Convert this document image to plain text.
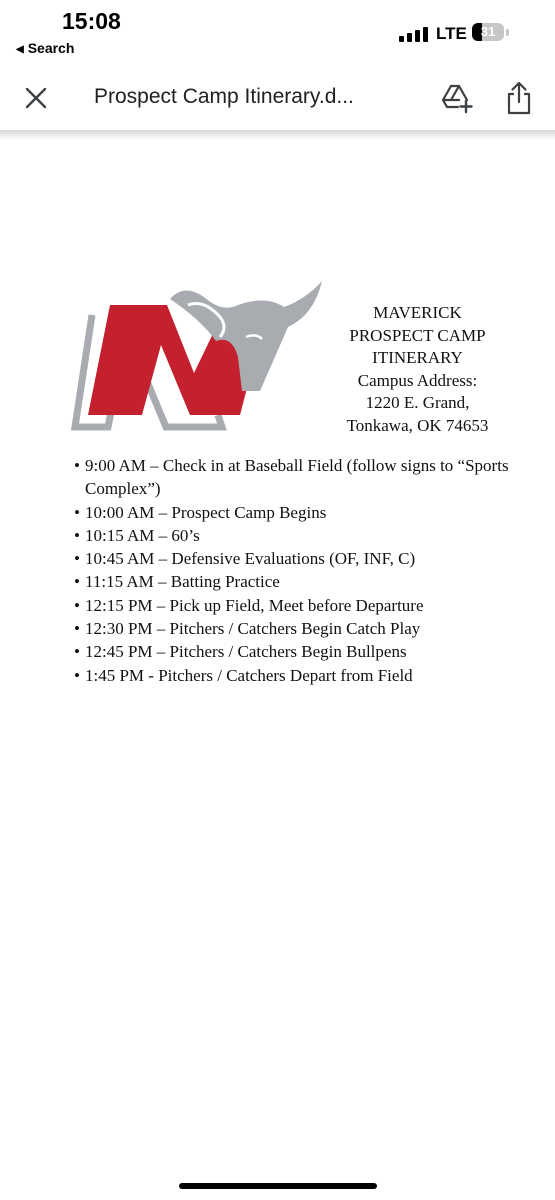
15:08
◀ Search
LTE	31
Prospect Camp Itinerary.d...
MAVERICK
PROSPECT CAMP
ITINERARY
Campus Address:
1220 E. Grand,
Tonkawa, OK 74653
• 9:00 AM – Check in at Baseball Field (follow signs to “Sports Complex”)
• 10:00 AM – Prospect Camp Begins
• 10:15 AM – 60’s
• 10:45 AM – Defensive Evaluations (OF, INF, C)
• 11:15 AM – Batting Practice
• 12:15 PM – Pick up Field, Meet before Departure
• 12:30 PM – Pitchers / Catchers Begin Catch Play
• 12:45 PM – Pitchers / Catchers Begin Bullpens
• 1:45 PM - Pitchers / Catchers Depart from Field
